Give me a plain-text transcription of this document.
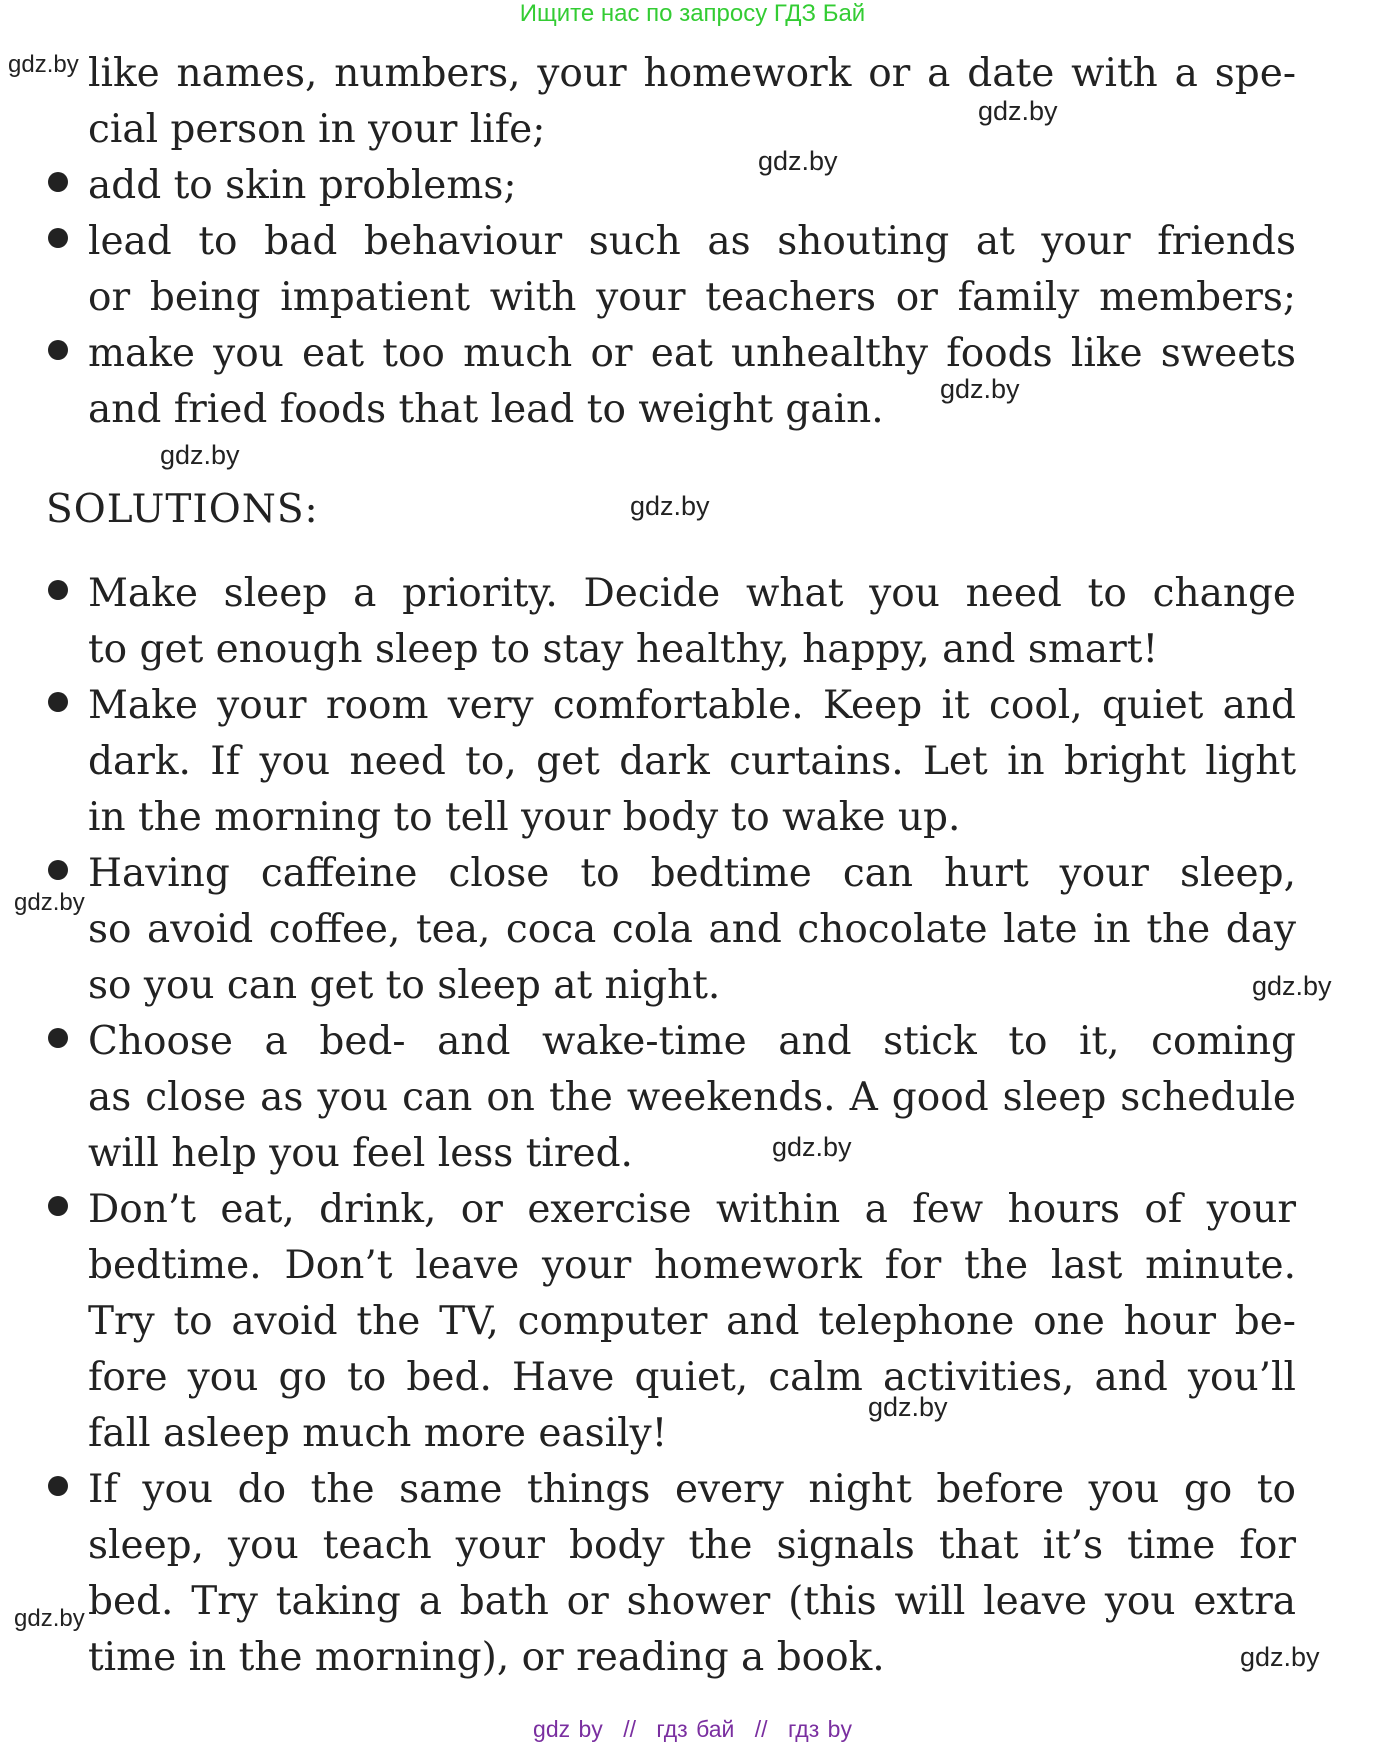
Ищите нас по запросу ГДЗ Бай
like names, numbers, your homework or a date with a spe-
cial person in your life;
add to skin problems;
lead to bad behaviour such as shouting at your friends
or being impatient with your teachers or family members;
make you eat too much or eat unhealthy foods like sweets
and fried foods that lead to weight gain.
SOLUTIONS:
Make sleep a priority. Decide what you need to change
to get enough sleep to stay healthy, happy, and smart!
Make your room very comfortable. Keep it cool, quiet and
dark. If you need to, get dark curtains. Let in bright light
in the morning to tell your body to wake up.
Having caffeine close to bedtime can hurt your sleep,
so avoid coffee, tea, coca cola and chocolate late in the day
so you can get to sleep at night.
Choose a bed- and wake-time and stick to it, coming
as close as you can on the weekends. A good sleep schedule
will help you feel less tired.
Don’t eat, drink, or exercise within a few hours of your
bedtime. Don’t leave your homework for the last minute.
Try to avoid the TV, computer and telephone one hour be-
fore you go to bed. Have quiet, calm activities, and you’ll
fall asleep much more easily!
If you do the same things every night before you go to
sleep, you teach your body the signals that it’s time for
bed. Try taking a bath or shower (this will leave you extra
time in the morning), or reading a book.
gdz.by
gdz.by
gdz.by
gdz.by
gdz.by
gdz.by
gdz.by
gdz.by
gdz.by
gdz.by
gdz.by
gdz.by
gdz by // гдз бай // гдз by
